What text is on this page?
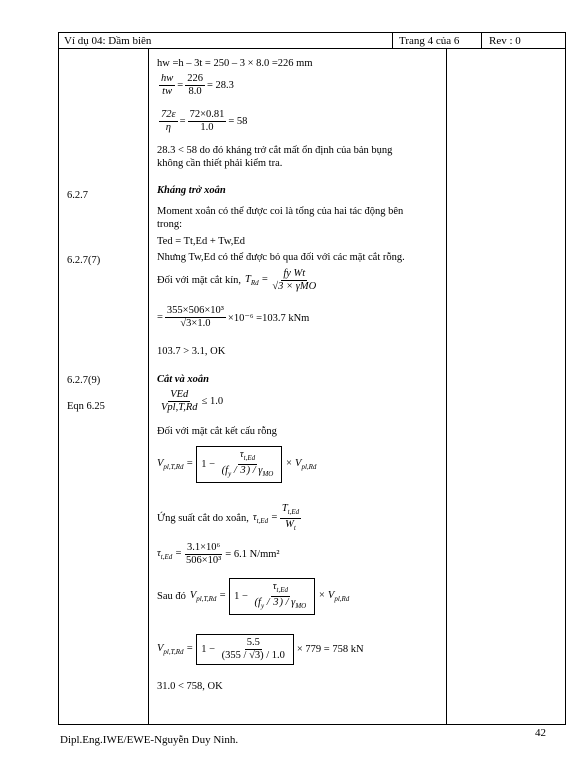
Ví dụ 04: Dầm biên	Trang 4 của 6	Rev : 0
6.2.7
6.2.7(7)
6.2.7(9)
Eqn 6.25
hw =h – 3t = 250 – 3 × 8.0 =226 mm
$\frac{hw}{tw} = \frac{226}{8.0} = 28.3$
$\frac{72\varepsilon}{\eta} = \frac{72\times 0.81}{1.0} = 58$
28.3 < 58 do đó kháng trở cắt mất ổn định của bản bụng
không cần thiết phải kiểm tra.
Kháng trở xoắn
Moment xoắn có thể được coi là tổng của hai tác động bên
trong:
Ted = Tt,Ed + Tw,Ed
Nhưng Tw,Ed có thể được bỏ qua đối với các mặt cắt rỗng.
Đối với mặt cắt kín, $T_{Rd} = \frac{\text{fy Wt}}{\text{√3 × γMO}}$
= $\frac{\text{355×506×10³}}{√3\times 1.0} \times 10^{-6} =103.7$ kNm
103.7 > 3.1, OK
Cắt và xoắn
$\frac{\text{VEd}}{\text{Vpl,T,Rd}} \le 1.0$
Đối với mặt cắt kết cấu rỗng
$V_{pl,T,Rd} = 1 - \frac{\tau_{t,Ed}}{(f_y / 3) / \gamma_{MO}} \times V_{pl,Rd}$
Ứng suất cắt do xoắn, $\tau_{t,Ed} = \frac{T_{t,Ed}}{W_t}$
$\tau_{t,Ed} = \frac{\text{3.1×10⁶}}{\text{506×10³}} = 6.1$ N/mm²
Sau đó $V_{pl,T,Rd} = 1 - \frac{\tau_{t,Ed}}{(f_y / 3) / \gamma_{MO}} \times V_{pl,Rd}$
$V_{pl,T,Rd} = 1 - \frac{5.5}{(355 / √3) / 1.0} \times 779 = 758$ kN
31.0 < 758, OK
Dipl.Eng.IWE/EWE-Nguyễn Duy Ninh.
42
